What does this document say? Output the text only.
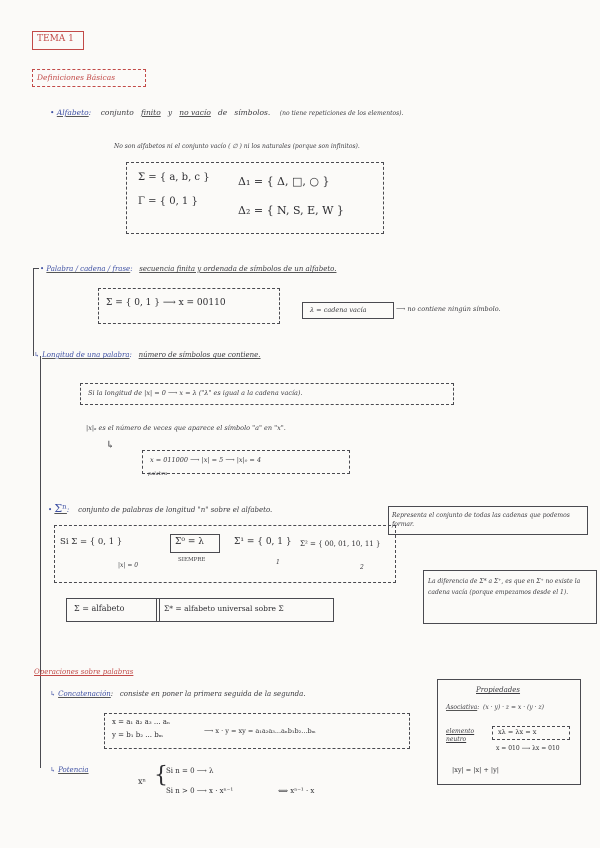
TEMA 1
Definiciones Básicas
• Alfabeto: conjunto finito y no vacío de símbolos. (no tiene repeticiones de los elementos).
No son alfabetos ni el conjunto vacío ( ∅ ) ni los naturales (porque son infinitos).
Σ = { a, b, c }
Γ = { 0, 1 }
Δ₁ = { Δ, □, ○ }
Δ₂ = { N, S, E, W }
• Palabra / cadena / frase: secuencia finita y ordenada de símbolos de un alfabeto.
Σ = { 0, 1 } ⟶ x = 00110
λ = cadena vacía	⟶ no contiene ningún símbolo.
↳ Longitud de una palabra: número de símbolos que contiene.
Si la longitud de |x| = 0 ⟶ x = λ ("λ" es igual a la cadena vacía).
|x|ₐ es el número de veces que aparece el símbolo "a" en "x".
↳
x = 011000 ⟶ |x| = 5 ⟶ |x|₀ = 4
palabra
• Σⁿ: conjunto de palabras de longitud "n" sobre el alfabeto.
Representa el conjunto de todas las cadenas que podemos formar.
Si Σ = { 0, 1 }	Σ⁰ = λ
SIEMPRE
Σ¹ = { 0, 1 } Σ² = { 00, 01, 10, 11 }
|x| = 0	1
2
La diferencia de Σ* a Σ⁺, es que en Σ⁺ no existe la cadena vacía (porque empezamos desde el 1).
Σ = alfabeto	Σ* = alfabeto universal sobre Σ
Operaciones sobre palabras
↳ Concatenación:   consiste en poner la primera seguida de la segunda.
x = a₁ a₂ a₃ ... aₙ
y = b₁ b₂ ... bₘ	⟶ x · y = xy = a₁a₂a₃...aₙb₁b₂...bₘ
↳ Potencia
xⁿ {
Si n = 0 ⟶ λ
Si n > 0 ⟶ x · xⁿ⁻¹	⟺ xⁿ⁻¹ · x
Propiedades
Asociativa:  (x · y) · z = x · (y · z)
elemento neutro
xλ = λx = x
x = 010 ⟶ λx = 010
|xy| = |x| + |y|
